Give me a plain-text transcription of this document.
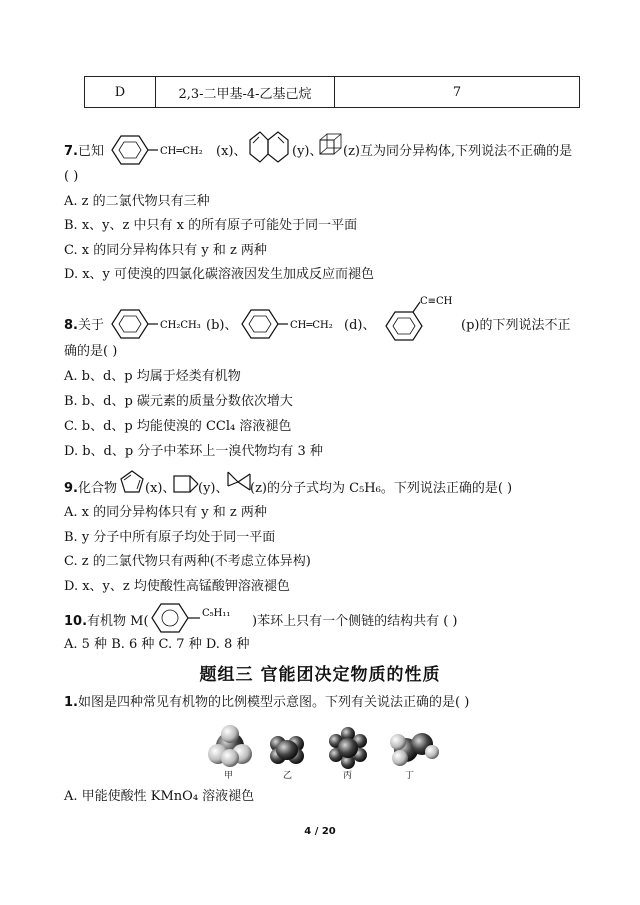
D	2,3-二甲基-4-乙基己烷	7
7.已知	CH═CH₂ (x)、	(y)、 (z)互为同分异构体,下列说法不正确的是
( )
A. z 的二氯代物只有三种
B. x、y、z 中只有 x 的所有原子可能处于同一平面
C. x 的同分异构体只有 y 和 z 两种
D. x、y 可使溴的四氯化碳溶液因发生加成反应而褪色
8.关于	CH₂CH₃ (b)、	CH═CH₂ (d)、
C≡CH
(p)的下列说法不正
确的是( )
A. b、d、p 均属于烃类有机物
B. b、d、p 碳元素的质量分数依次增大
C. b、d、p 均能使溴的 CCl₄ 溶液褪色
D. b、d、p 分子中苯环上一溴代物均有 3 种
9.化合物 (x)、 (y)、 (z)的分子式均为 C₅H₆。下列说法正确的是( )
A. x 的同分异构体只有 y 和 z 两种
B. y 分子中所有原子均处于同一平面
C. z 的二氯代物只有两种(不考虑立体异构)
D. x、y、z 均使酸性高锰酸钾溶液褪色
10.有机物 M(
C₅H₁₁
)苯环上只有一个侧链的结构共有 ( )
A. 5 种 B. 6 种 C. 7 种 D. 8 种
题组三 官能团决定物质的性质
1.如图是四种常见有机物的比例模型示意图。下列有关说法正确的是( )
甲	乙	丙	丁
A. 甲能使酸性 KMnO₄ 溶液褪色
4 / 20
